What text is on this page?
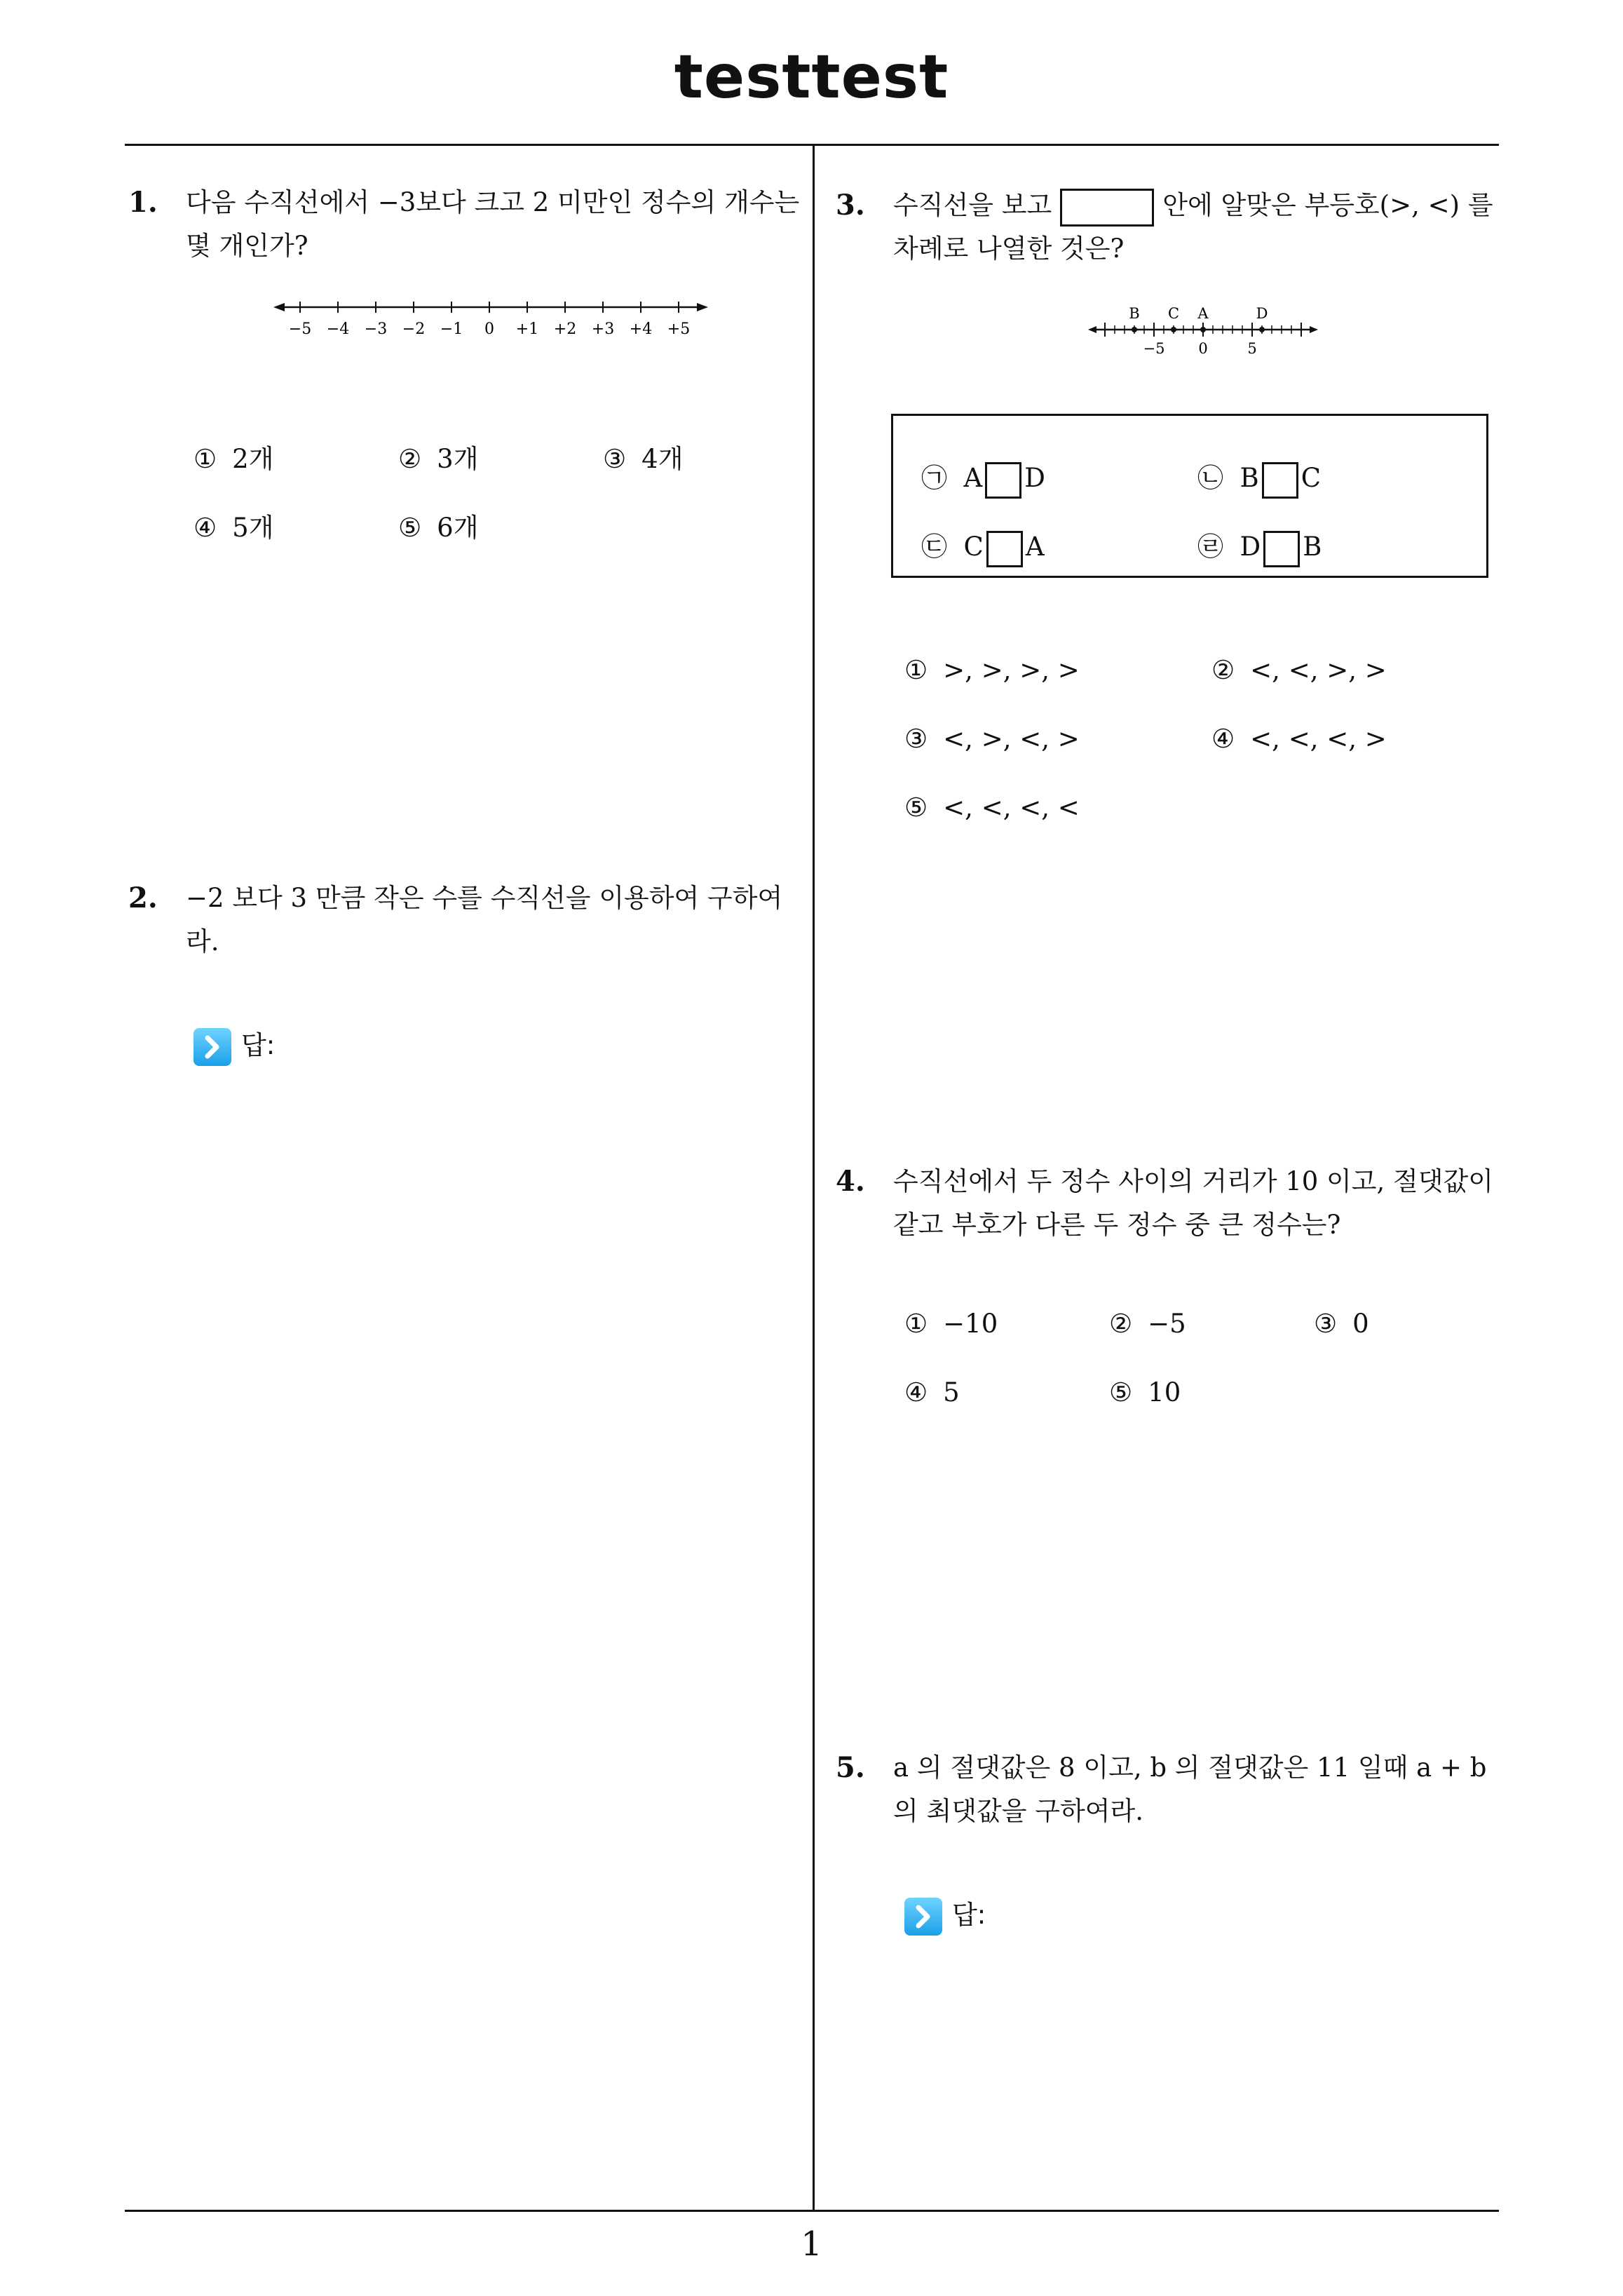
testtest
1
1. 다음 수직선에서 −3보다 크고 2 미만인 정수의 개수는 몇 개인가?
−5 −4 −3 −2 −1 0 +1 +2 +3 +4 +5
① 2개	② 3개	③ 4개
④ 5개	⑤ 6개
2. −2 보다 3 만큼 작은 수를 수직선을 이용하여 구하여라.
답:
3. 수직선을 보고	안에 알맞은 부등호(>, <) 를
차례로 나열한 것은?
−5 0	5
B C A	D
㉠ A D	㉡ B C
㉢ C A	㉣ D B
① >, >, >, >	② <, <, >, >
③ <, >, <, >	④ <, <, <, >
⑤ <, <, <, <
4. 수직선에서 두 정수 사이의 거리가 10 이고, 절댓값이 같고 부호가 다른 두 정수 중 큰 정수는?
① −10	② −5	③ 0
④ 5	⑤ 10
5. a 의 절댓값은 8 이고, b 의 절댓값은 11 일때 a + b 의 최댓값을 구하여라.
답:
